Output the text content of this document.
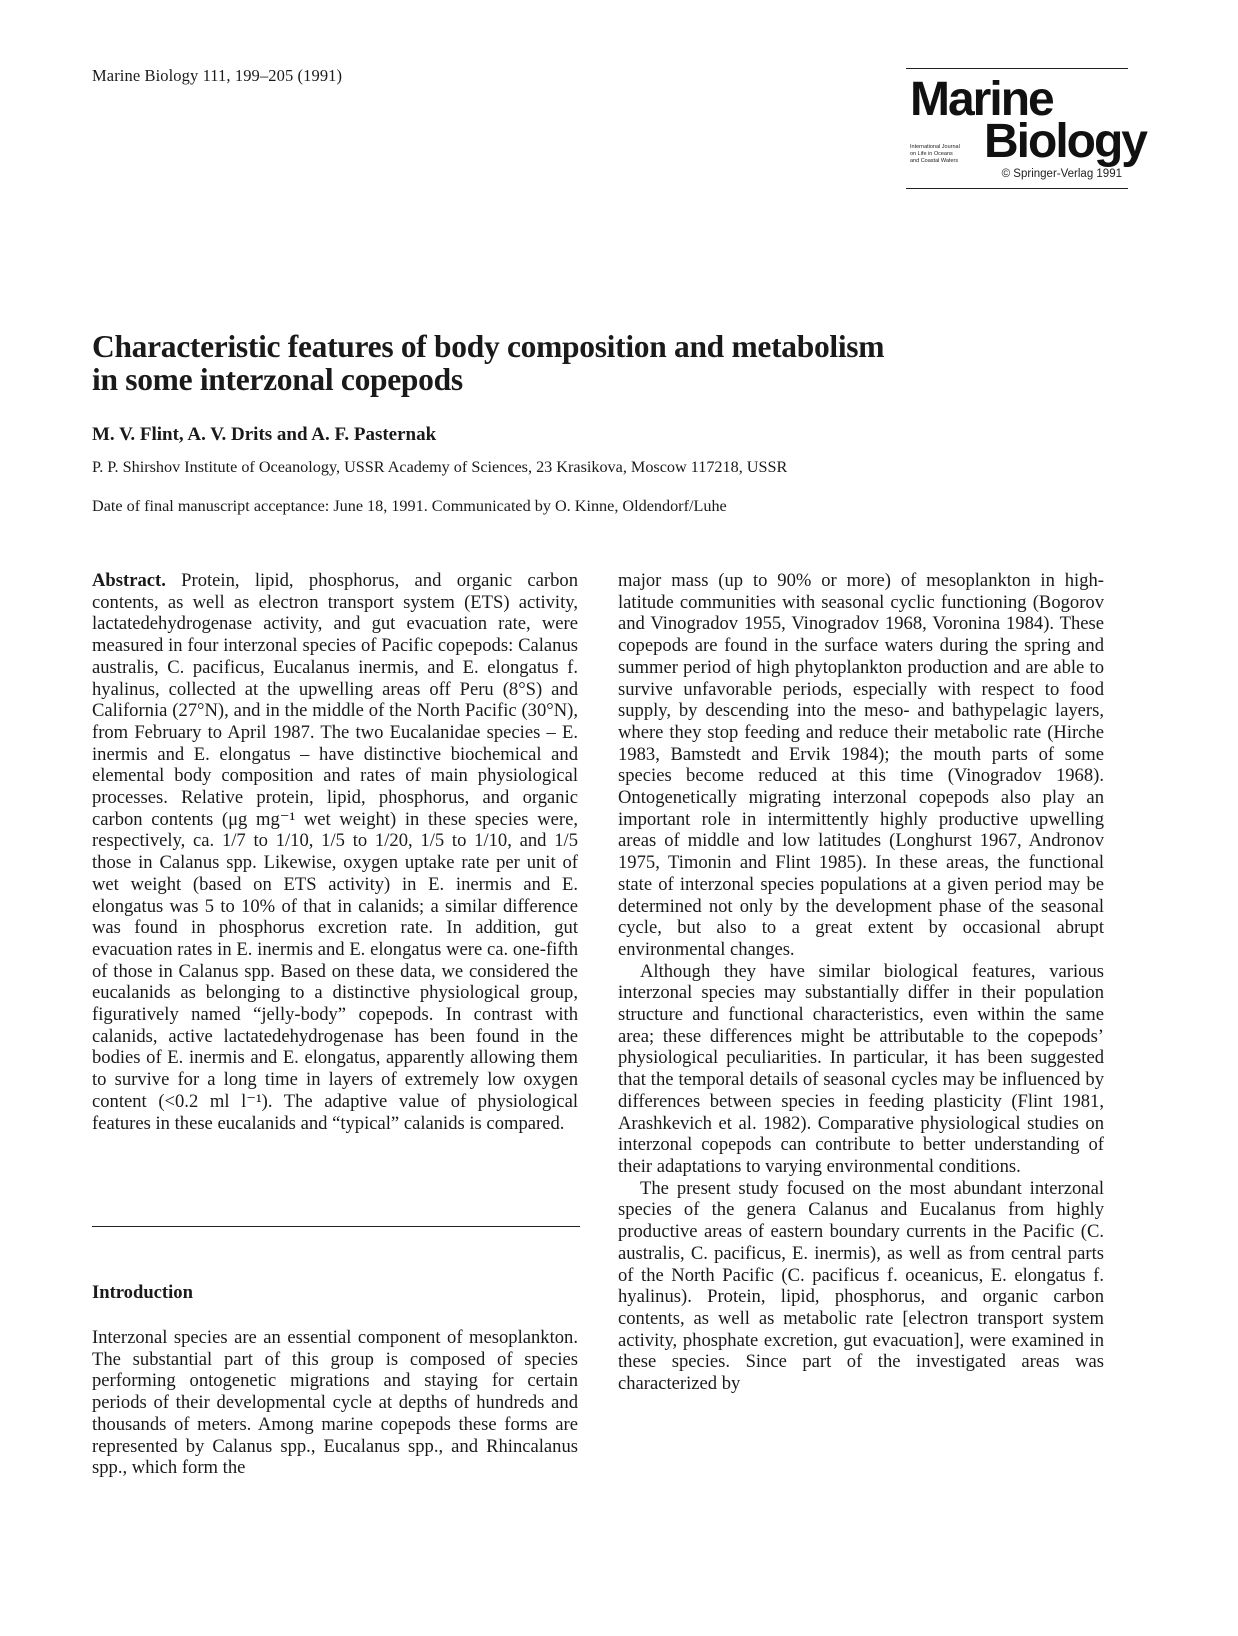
Marine Biology 111, 199–205 (1991)	Marine
International Journal
on Life in Oceans
and Coastal Waters Biology
© Springer-Verlag 1991
Characteristic features of body composition and metabolism
in some interzonal copepods
M. V. Flint, A. V. Drits and A. F. Pasternak
P. P. Shirshov Institute of Oceanology, USSR Academy of Sciences, 23 Krasikova, Moscow 117218, USSR
Date of final manuscript acceptance: June 18, 1991. Communicated by O. Kinne, Oldendorf/Luhe

Abstract. Protein, lipid, phosphorus, and organic carbon contents, as well as electron transport system (ETS) activity, lactatedehydrogenase activity, and gut evacuation rate, were measured in four interzonal species of Pacific copepods: Calanus australis, C. pacificus, Eucalanus inermis, and E. elongatus f. hyalinus, collected at the upwelling areas off Peru (8°S) and California (27°N), and in the middle of the North Pacific (30°N), from February to April 1987. The two Eucalanidae species – E. inermis and E. elongatus – have distinctive biochemical and elemental body composition and rates of main physiological processes. Relative protein, lipid, phosphorus, and organic carbon contents (μg mg⁻¹ wet weight) in these species were, respectively, ca. 1/7 to 1/10, 1/5 to 1/20, 1/5 to 1/10, and 1/5 those in Calanus spp. Likewise, oxygen uptake rate per unit of wet weight (based on ETS activity) in E. inermis and E. elongatus was 5 to 10% of that in calanids; a similar difference was found in phosphorus excretion rate. In addition, gut evacuation rates in E. inermis and E. elongatus were ca. one-fifth of those in Calanus spp. Based on these data, we considered the eucalanids as belonging to a distinctive physiological group, figuratively named “jelly-body” copepods. In contrast with calanids, active lactatedehydrogenase has been found in the bodies of E. inermis and E. elongatus, apparently allowing them to survive for a long time in layers of extremely low oxygen content (<0.2 ml l⁻¹). The adaptive value of physiological features in these eucalanids and “typical” calanids is compared.

Introduction

Interzonal species are an essential component of mesoplankton. The substantial part of this group is composed of species performing ontogenetic migrations and staying for certain periods of their developmental cycle at depths of hundreds and thousands of meters. Among marine copepods these forms are represented by Calanus spp., Eucalanus spp., and Rhincalanus spp., which form the

major mass (up to 90% or more) of mesoplankton in high-latitude communities with seasonal cyclic functioning (Bogorov and Vinogradov 1955, Vinogradov 1968, Voronina 1984). These copepods are found in the surface waters during the spring and summer period of high phytoplankton production and are able to survive unfavorable periods, especially with respect to food supply, by descending into the meso- and bathypelagic layers, where they stop feeding and reduce their metabolic rate (Hirche 1983, Bamstedt and Ervik 1984); the mouth parts of some species become reduced at this time (Vinogradov 1968). Ontogenetically migrating interzonal copepods also play an important role in intermittently highly productive upwelling areas of middle and low latitudes (Longhurst 1967, Andronov 1975, Timonin and Flint 1985). In these areas, the functional state of interzonal species populations at a given period may be determined not only by the development phase of the seasonal cycle, but also to a great extent by occasional abrupt environmental changes.

Although they have similar biological features, various interzonal species may substantially differ in their population structure and functional characteristics, even within the same area; these differences might be attributable to the copepods’ physiological peculiarities. In particular, it has been suggested that the temporal details of seasonal cycles may be influenced by differences between species in feeding plasticity (Flint 1981, Arashkevich et al. 1982). Comparative physiological studies on interzonal copepods can contribute to better understanding of their adaptations to varying environmental conditions.

The present study focused on the most abundant interzonal species of the genera Calanus and Eucalanus from highly productive areas of eastern boundary currents in the Pacific (C. australis, C. pacificus, E. inermis), as well as from central parts of the North Pacific (C. pacificus f. oceanicus, E. elongatus f. hyalinus). Protein, lipid, phosphorus, and organic carbon contents, as well as metabolic rate [electron transport system activity, phosphate excretion, gut evacuation], were examined in these species. Since part of the investigated areas was characterized by
